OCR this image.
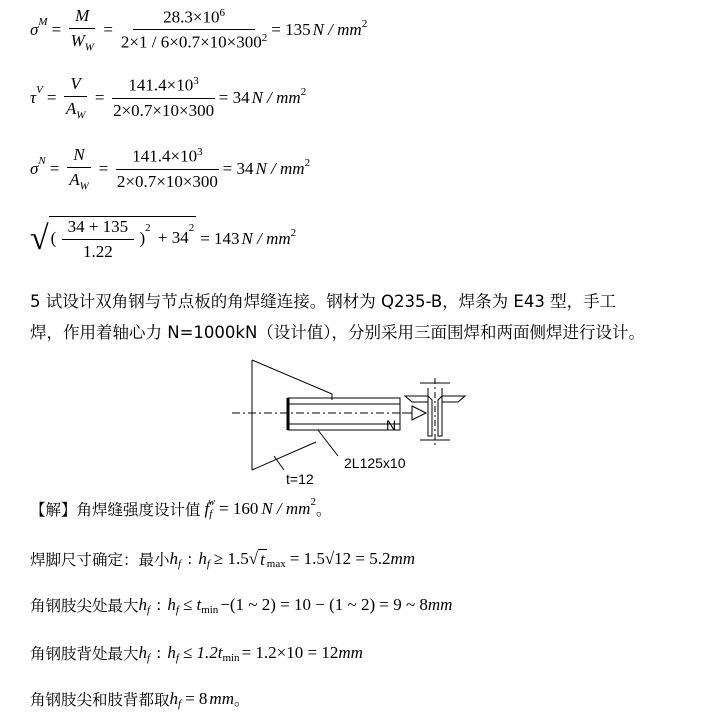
$\sigma^M = \frac{M}{W_W} = \frac{28.3\times 10^6}{2\times 1 / 6\times 0.7\times 10\times 300^2} = 135$ N / $mm^2$
$\tau^V = \frac{V}{A_W} = \frac{141.4\times 10^3}{2\times 0.7\times 10\times 300} = 34$ N / $mm^2$
$\sigma^N = \frac{N}{A_W} = \frac{141.4\times 10^3}{2\times 0.7\times 10\times 300} = 34$ N / $mm^2$
√ ( $\frac{34 + 135}{1.22} )^2 + 34^2$
= 143 N / $mm^2$
5 试设计双角钢与节点板的角焊缝连接。钢材为 Q235-B，焊条为 E43 型，手工
焊，作用着轴心力 N=1000kN（设计值），分别采用三面围焊和两面侧焊进行设计。
N
2L125x10
t=12
【解】角焊缝强度设计值 f f
w = 160 N / mm 2 。
焊脚尺寸确定：最小 h f : h f ≥ 1.5 √ t max = 1.5√12 = 5.2 mm
角钢肢尖处最大 h f : h f ≤ t min −(1 ~ 2) = 10 − (1 ~ 2) = 9 ~ 8 mm
角钢肢背处最大 h f : h f ≤ 1.2t min = 1.2×10 = 12 mm
角钢肢尖和肢背都取 h f = 8 mm 。
